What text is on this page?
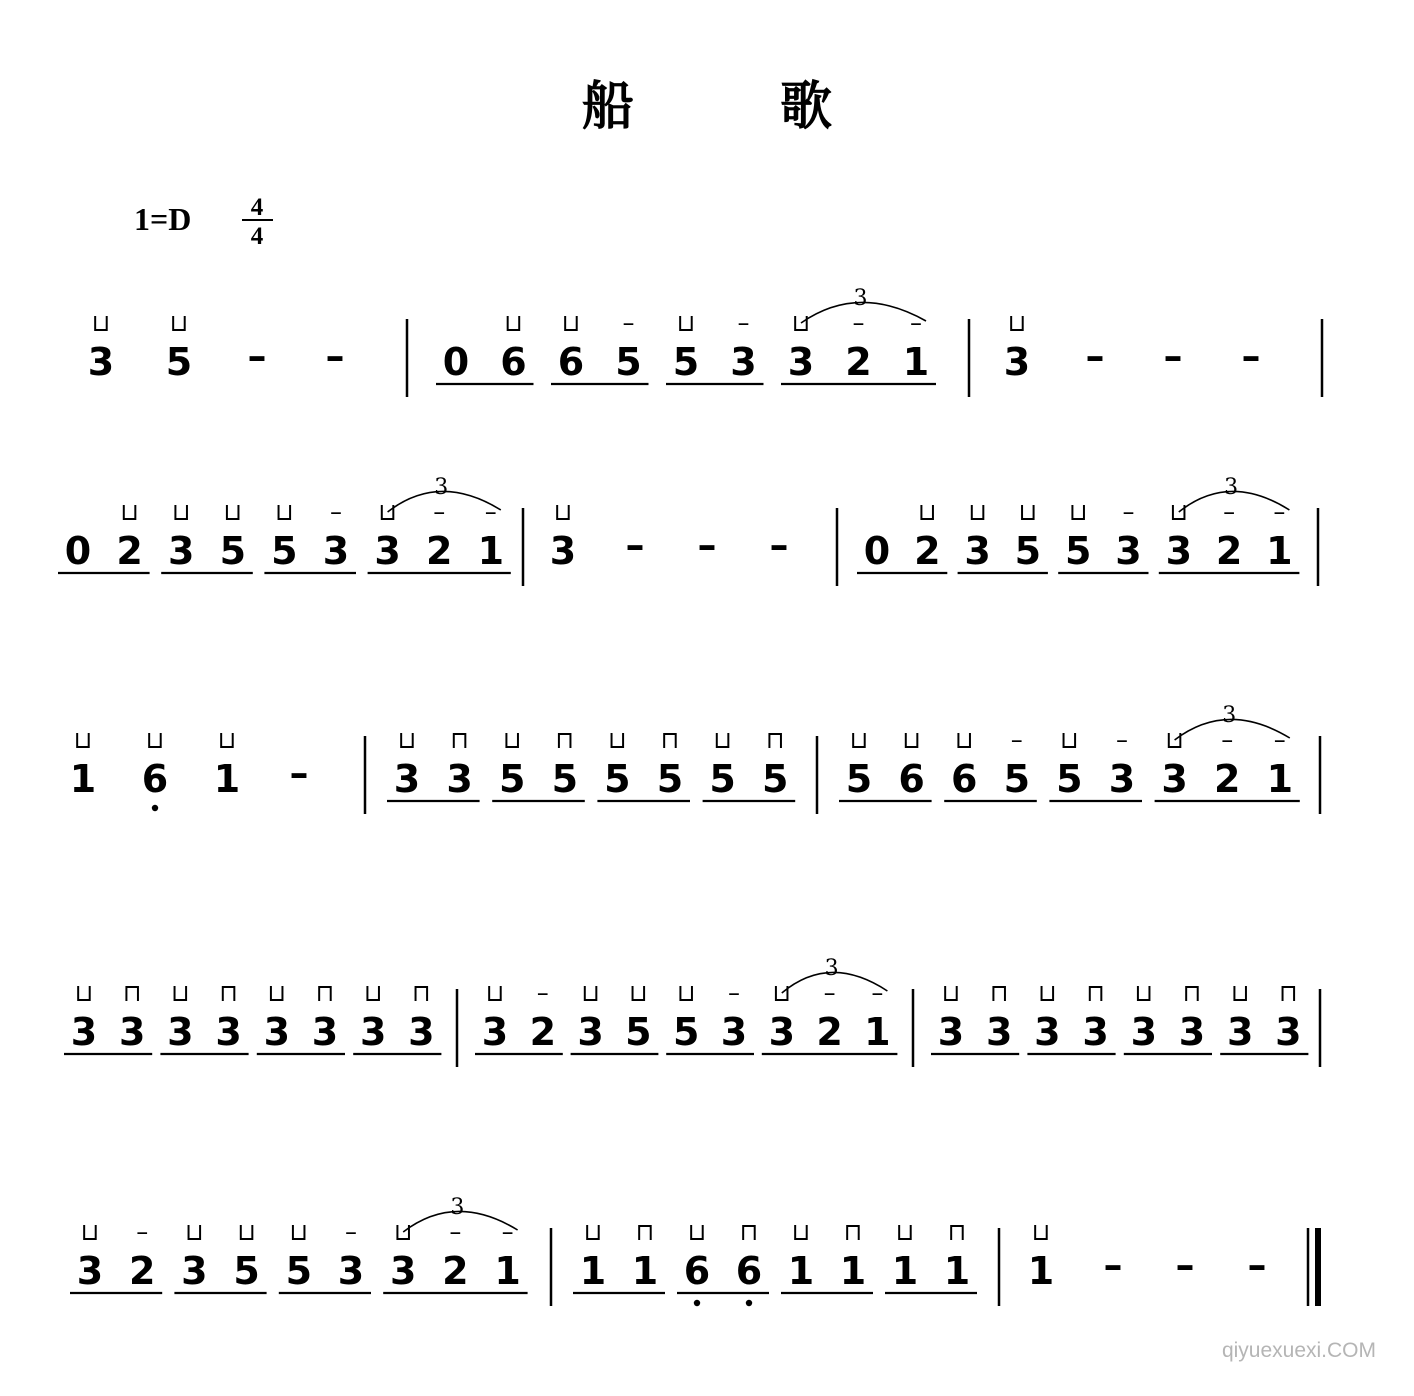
船	歌
1=D 4
4
3
⊔
5
⊔
– –	0 6
⊔
6
⊔
5
–
5
⊔
3
–
3
⊔
2
–
1
–
3
3
⊔
– – –
0 2
⊔
3
⊔
5
⊔
5
⊔
3
–
3
⊔
2
–
1
–
3
3
⊔
– – – 0 2
⊔
3
⊔
5
⊔
5
⊔
3
–
3
⊔
2
–
1
–
3
1
⊔
6
⊔
1
⊔
– 3
⊔
3
⊓
5
⊔
5
⊓
5
⊔
5
⊓
5
⊔
5
⊓
5
⊔
6
⊔
6
⊔
5
–
5
⊔
3
–
3
⊔
2
–
1
–
3
3
⊔
3
⊓
3
⊔
3
⊓
3
⊔
3
⊓
3
⊔
3
⊓
3
⊔
2
–
3
⊔
5
⊔
5
⊔
3
–
3
⊔
2
–
1
–
3
3
⊔
3
⊓
3
⊔
3
⊓
3
⊔
3
⊓
3
⊔
3
⊓
3
⊔
2
–
3
⊔
5
⊔
5
⊔
3
–
3
⊔
2
–
1
–
3
1
⊔
1
⊓
6
⊔
6
⊓
1
⊔
1
⊓
1
⊔
1
⊓
1
⊔
– – –
qiyuexuexi.COM
